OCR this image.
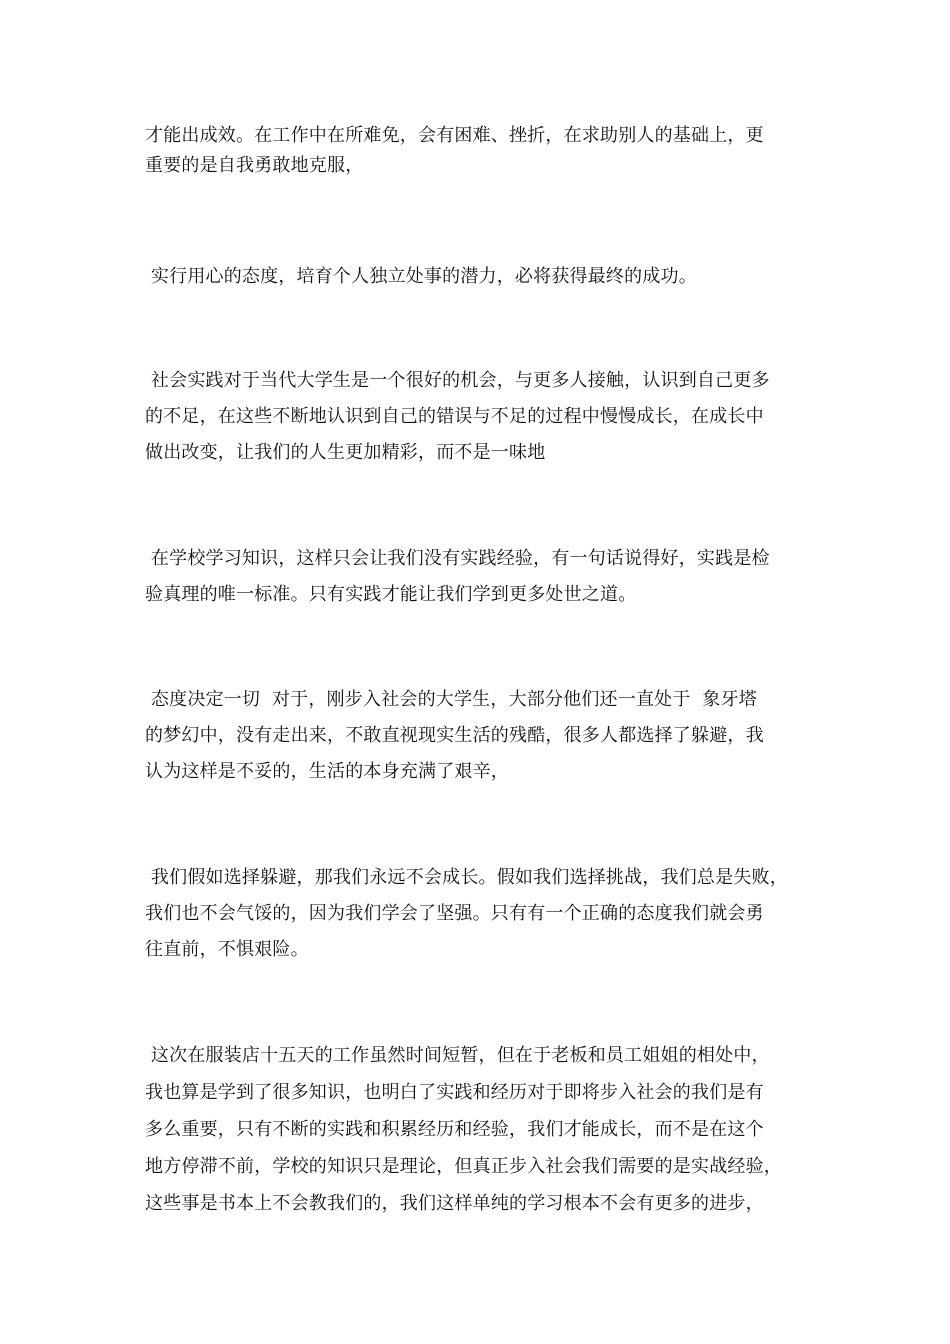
才能出成效。在工作中在所难免，会有困难、挫折，在求助别人的基础上，更
重要的是自我勇敢地克服，
实行用心的态度，培育个人独立处事的潜力，必将获得最终的成功。
社会实践对于当代大学生是一个很好的机会，与更多人接触，认识到自己更多
的不足，在这些不断地认识到自己的错误与不足的过程中慢慢成长，在成长中
做出改变，让我们的人生更加精彩，而不是一味地
在学校学习知识，这样只会让我们没有实践经验，有一句话说得好，实践是检
验真理的唯一标准。只有实践才能让我们学到更多处世之道。
态度决定一切  对于，刚步入社会的大学生，大部分他们还一直处于  象牙塔
的梦幻中，没有走出来，不敢直视现实生活的残酷，很多人都选择了躲避，我
认为这样是不妥的，生活的本身充满了艰辛，
我们假如选择躲避，那我们永远不会成长。假如我们选择挑战，我们总是失败，
我们也不会气馁的，因为我们学会了坚强。只有有一个正确的态度我们就会勇
往直前，不惧艰险。
这次在服装店十五天的工作虽然时间短暂，但在于老板和员工姐姐的相处中，
我也算是学到了很多知识，也明白了实践和经历对于即将步入社会的我们是有
多么重要，只有不断的实践和积累经历和经验，我们才能成长，而不是在这个
地方停滞不前，学校的知识只是理论，但真正步入社会我们需要的是实战经验，
这些事是书本上不会教我们的，我们这样单纯的学习根本不会有更多的进步，
